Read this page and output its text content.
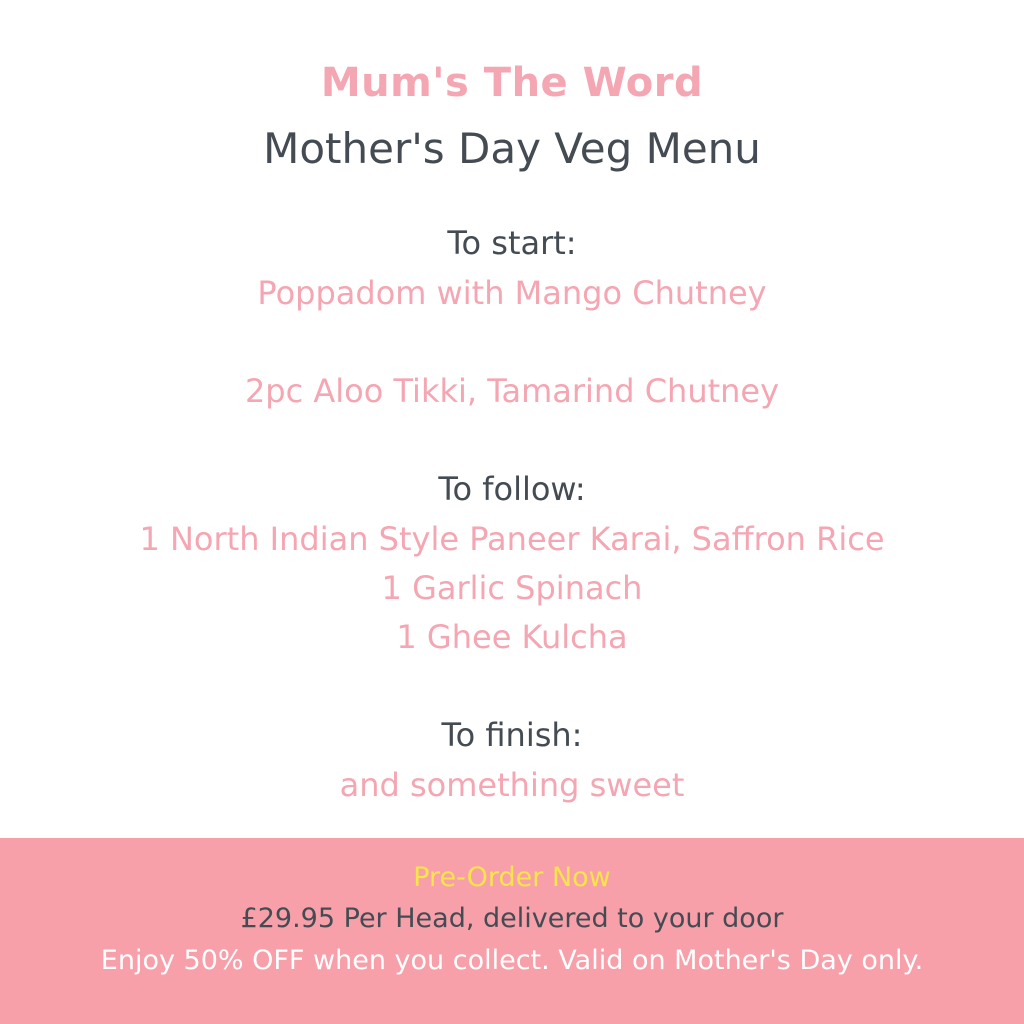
Mum's The Word
Mother's Day Veg Menu
To start:
Poppadom with Mango Chutney
2pc Aloo Tikki, Tamarind Chutney
To follow:
1 North Indian Style Paneer Karai, Saffron Rice
1 Garlic Spinach
1 Ghee Kulcha
To finish:
and something sweet
Pre-Order Now
£29.95 Per Head, delivered to your door
Enjoy 50% OFF when you collect. Valid on Mother's Day only.
